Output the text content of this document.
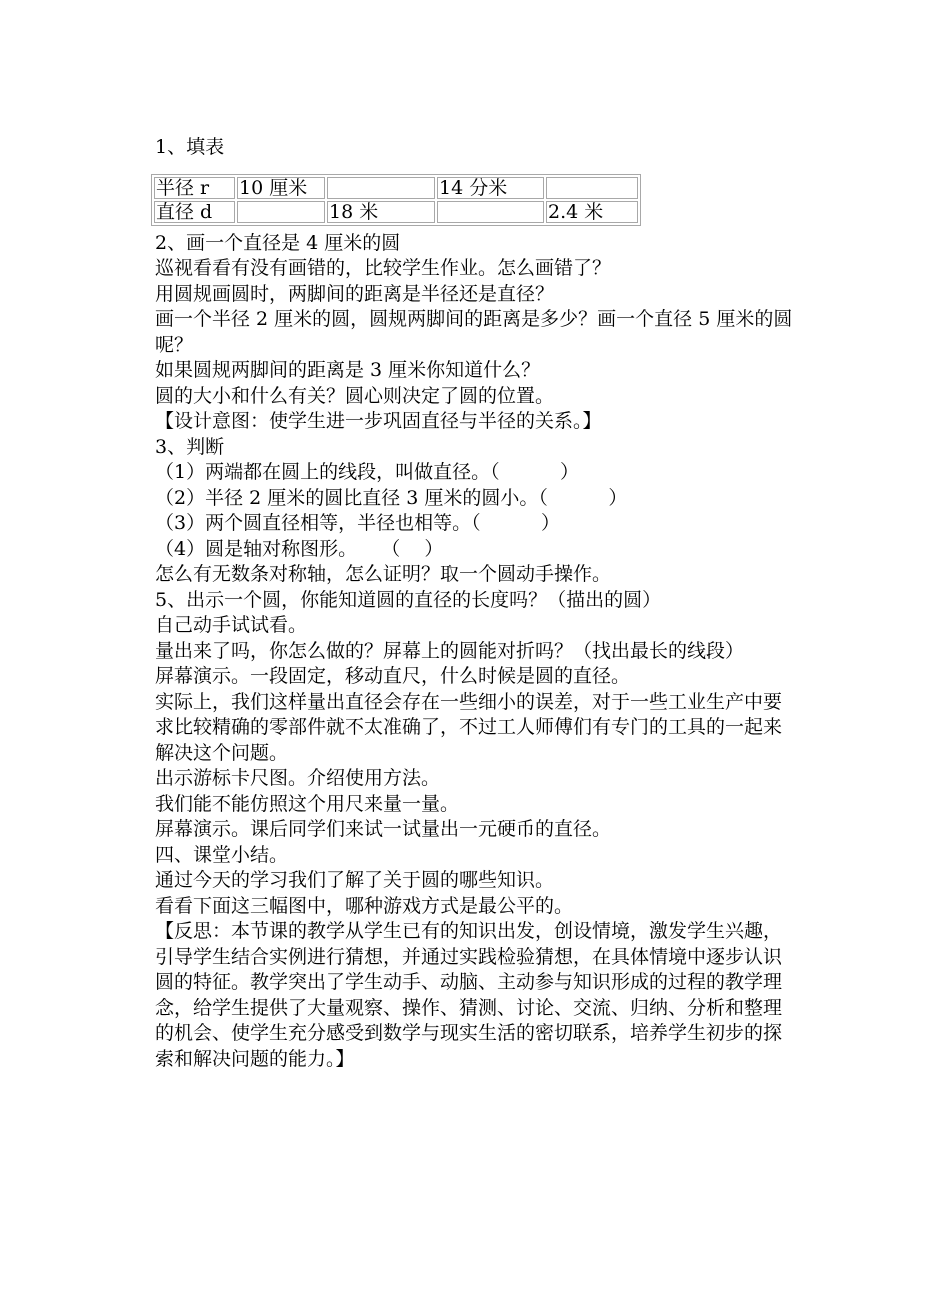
1、填表

半径 r	10 厘米		14 分米	
直径 d		18 米		2.4 米

2、画一个直径是 4 厘米的圆

巡视看看有没有画错的，比较学生作业。怎么画错了？

用圆规画圆时，两脚间的距离是半径还是直径？

画一个半径 2 厘米的圆，圆规两脚间的距离是多少？画一个直径 5 厘米的圆呢？

如果圆规两脚间的距离是 3 厘米你知道什么？

圆的大小和什么有关？圆心则决定了圆的位置。

【设计意图：使学生进一步巩固直径与半径的关系。】

3、判断

（1）两端都在圆上的线段，叫做直径。（          ）

（2）半径 2 厘米的圆比直径 3 厘米的圆小。（          ）

（3）两个圆直径相等，半径也相等。（          ）

（4）圆是轴对称图形。    （    ）

怎么有无数条对称轴，怎么证明？取一个圆动手操作。

5、出示一个圆，你能知道圆的直径的长度吗？（描出的圆）

自己动手试试看。

量出来了吗，你怎么做的？屏幕上的圆能对折吗？（找出最长的线段）

屏幕演示。一段固定，移动直尺，什么时候是圆的直径。

实际上，我们这样量出直径会存在一些细小的误差，对于一些工业生产中要求比较精确的零部件就不太准确了，不过工人师傅们有专门的工具的一起来解决这个问题。

出示游标卡尺图。介绍使用方法。

我们能不能仿照这个用尺来量一量。

屏幕演示。课后同学们来试一试量出一元硬币的直径。

四、课堂小结。

通过今天的学习我们了解了关于圆的哪些知识。

看看下面这三幅图中，哪种游戏方式是最公平的。

【反思：本节课的教学从学生已有的知识出发，创设情境，激发学生兴趣，引导学生结合实例进行猜想，并通过实践检验猜想，在具体情境中逐步认识圆的特征。教学突出了学生动手、动脑、主动参与知识形成的过程的教学理念，给学生提供了大量观察、操作、猜测、讨论、交流、归纳、分析和整理的机会、使学生充分感受到数学与现实生活的密切联系，培养学生初步的探索和解决问题的能力。】
